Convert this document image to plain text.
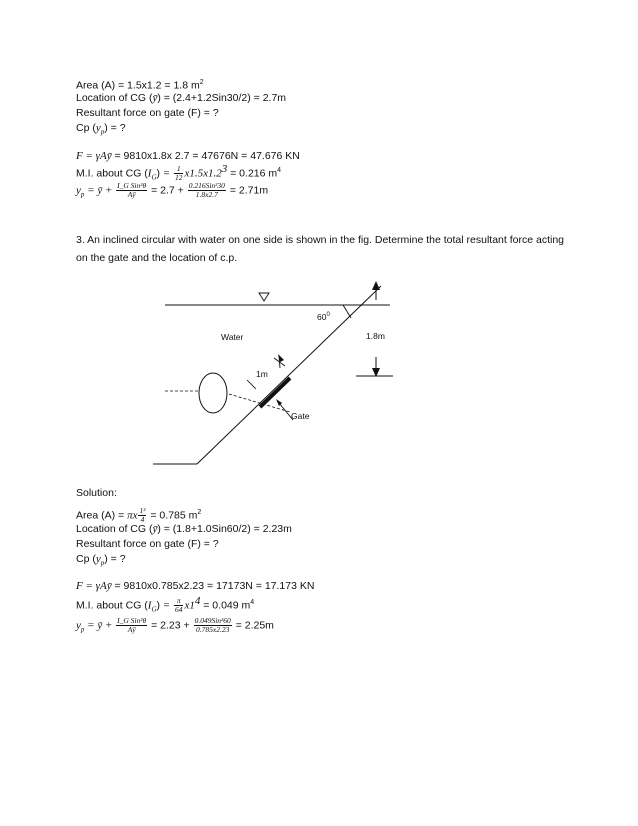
Area (A) = 1.5x1.2 = 1.8 $m^2$
Location of CG (ȳ) = (2.4+1.2Sin30/2) = 2.7m
Resultant force on gate (F) = ?
Cp $(y_p)$ = ?
F = γAȳ = 9810x1.8x 2.7 = 47676N = 47.676 KN
M.I. about CG $(I_G) = \frac{1}{12} x1.5x1.2^3 = 0.216$ $m^4$
$y_p$ = ȳ + $\frac{\text{I\_G Sin²θ}}{Aȳ} = 2.7 + \frac{\text{0.216Sin²30}}{1.8x2.7} = 2.71m$
3. An inclined circular with water on one side is shown in the fig. Determine the total resultant force acting on the gate and the location of c.p.
$60^0$
1.8m
Water
1m
Gate
Solution:
Area (A) = πx $\frac{\text{1²}}{4} = 0.785$ $m^2$
Location of CG (ȳ) = (1.8+1.0Sin60/2) = 2.23m
Resultant force on gate (F) = ?
Cp $(y_p)$ = ?
F = γAȳ = 9810x0.785x2.23 = 17173N = 17.173 KN
M.I. about CG $(I_G) = \frac{\pi}{64} x1^4 = 0.049$ $m^4$
$y_p$ = ȳ + $\frac{\text{I\_G Sin²θ}}{Aȳ} = 2.23 + \frac{\text{0.049Sin²60}}{0.785x2.23} = 2.25m$
